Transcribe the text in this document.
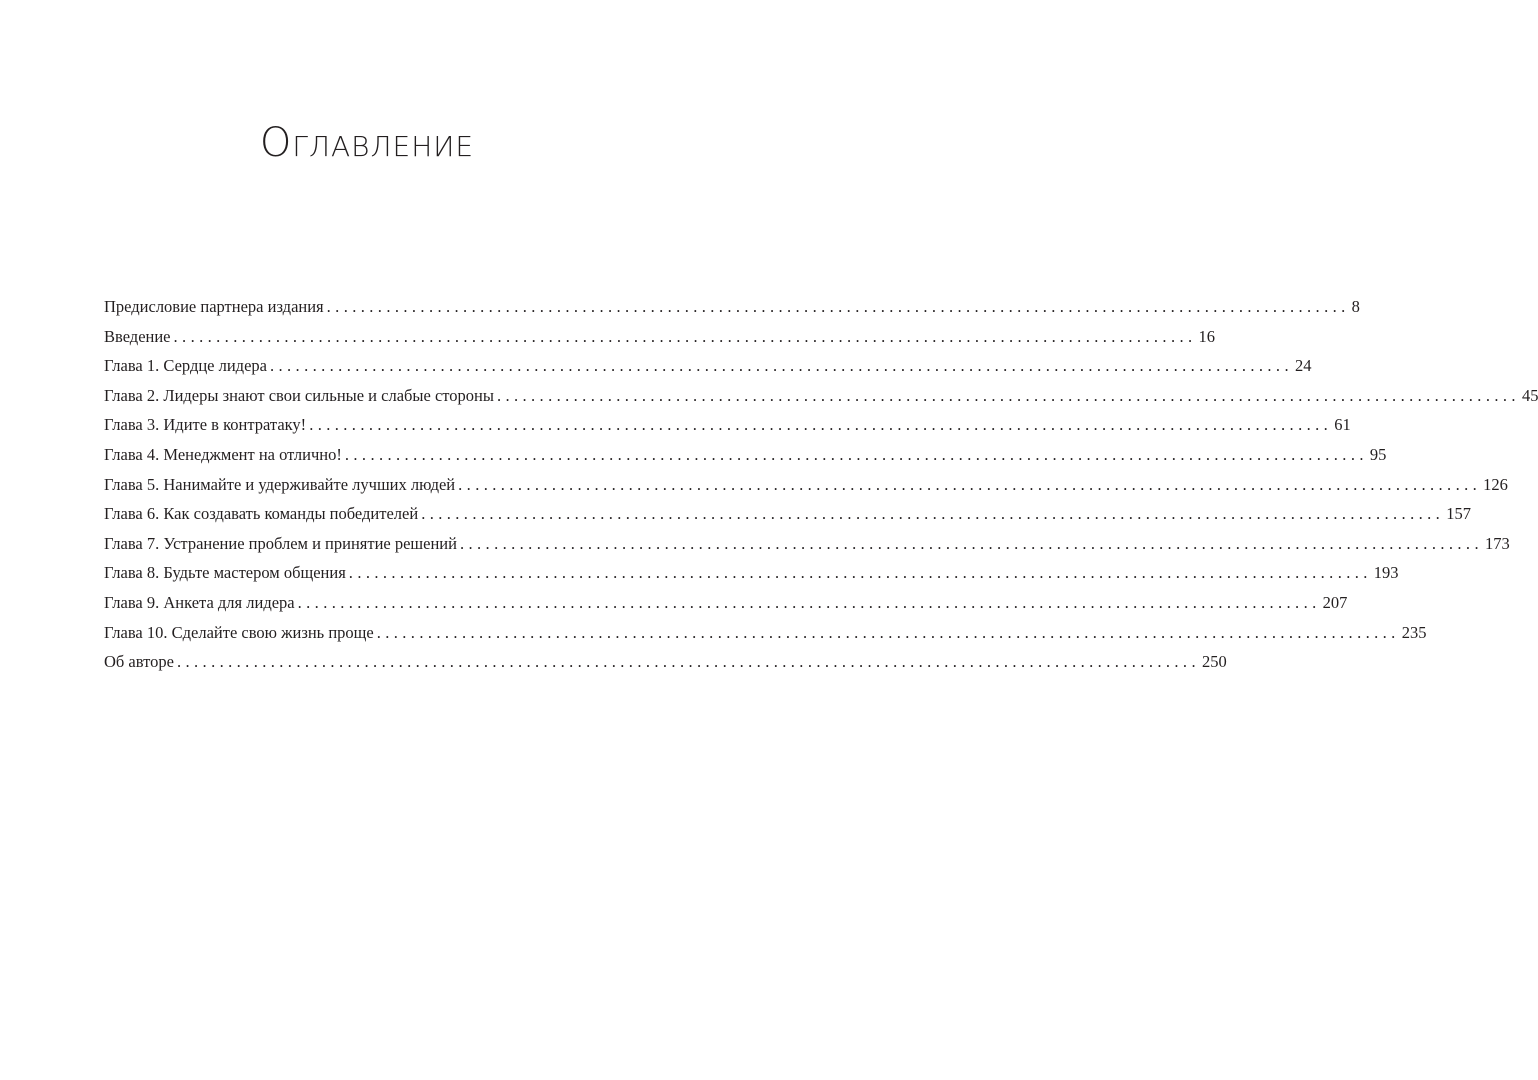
Оглавление
Предисловие партнера издания ........................................................................................................................ 8
Введение ........................................................................................................................ 16
Глава 1. Сердце лидера ........................................................................................................................ 24
Глава 2. Лидеры знают свои сильные и слабые стороны ........................................................................................................................ 45
Глава 3. Идите в контратаку! ........................................................................................................................ 61
Глава 4. Менеджмент на отлично! ........................................................................................................................ 95
Глава 5. Нанимайте и удерживайте лучших людей ........................................................................................................................ 126
Глава 6. Как создавать команды победителей ........................................................................................................................ 157
Глава 7. Устранение проблем и принятие решений ........................................................................................................................ 173
Глава 8. Будьте мастером общения ........................................................................................................................ 193
Глава 9. Анкета для лидера ........................................................................................................................ 207
Глава 10. Сделайте свою жизнь проще ........................................................................................................................ 235
Об авторе ........................................................................................................................ 250
